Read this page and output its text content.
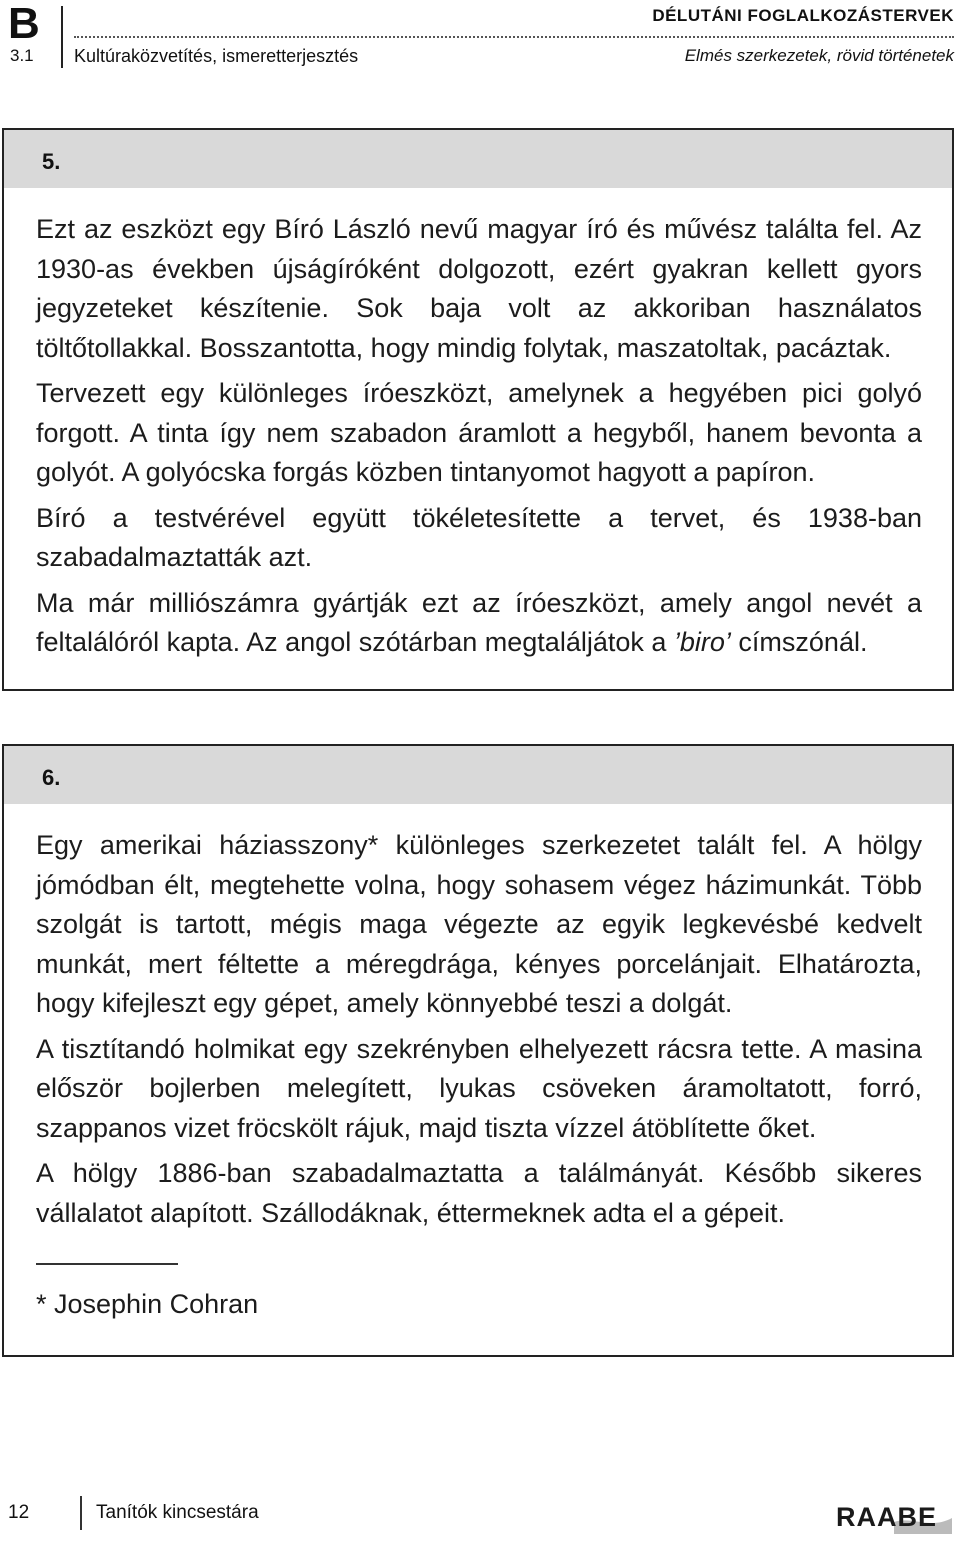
B
3.1 Kultúraközvetítés, ismeretterjesztés
DÉLUTÁNI FOGLALKOZÁSTERVEK
Elmés szerkezetek, rövid történetek
5.

Ezt az eszközt egy Bíró László nevű magyar író és művész találta fel. Az 1930-as években újságíróként dolgozott, ezért gyakran kellett gyors jegyzeteket készítenie. Sok baja volt az akkoriban használatos töltőtollakkal. Bosszantotta, hogy mindig folytak, maszatoltak, pacáztak.

Tervezett egy különleges íróeszközt, amelynek a hegyében pici golyó forgott. A tinta így nem szabadon áramlott a hegyből, hanem bevonta a golyót. A golyócska forgás közben tintanyomot hagyott a papíron.

Bíró a testvérével együtt tökéletesítette a tervet, és 1938-ban szabadalmaztatták azt.

Ma már milliószámra gyártják ezt az íróeszközt, amely angol nevét a feltalálóról kapta. Az angol szótárban megtaláljátok a ’biro’ címszónál.

6.

Egy amerikai háziasszony* különleges szerkezetet talált fel. A hölgy jómódban élt, megtehette volna, hogy sohasem végez házimunkát. Több szolgát is tartott, mégis maga végezte az egyik legkevésbé kedvelt munkát, mert féltette a méregdrága, kényes porcelánjait. Elhatározta, hogy kifejleszt egy gépet, amely könnyebbé teszi a dolgát.

A tisztítandó holmikat egy szekrényben elhelyezett rácsra tette. A masina először bojlerben melegített, lyukas csöveken áramoltatott, forró, szappanos vizet fröcskölt rájuk, majd tiszta vízzel átöblítette őket.

A hölgy 1886-ban szabadalmaztatta a találmányát. Később sikeres vállalatot alapított. Szállodáknak, éttermeknek adta el a gépeit.

* Josephin Cohran
12	Tanítók kincsestára	RAABE
